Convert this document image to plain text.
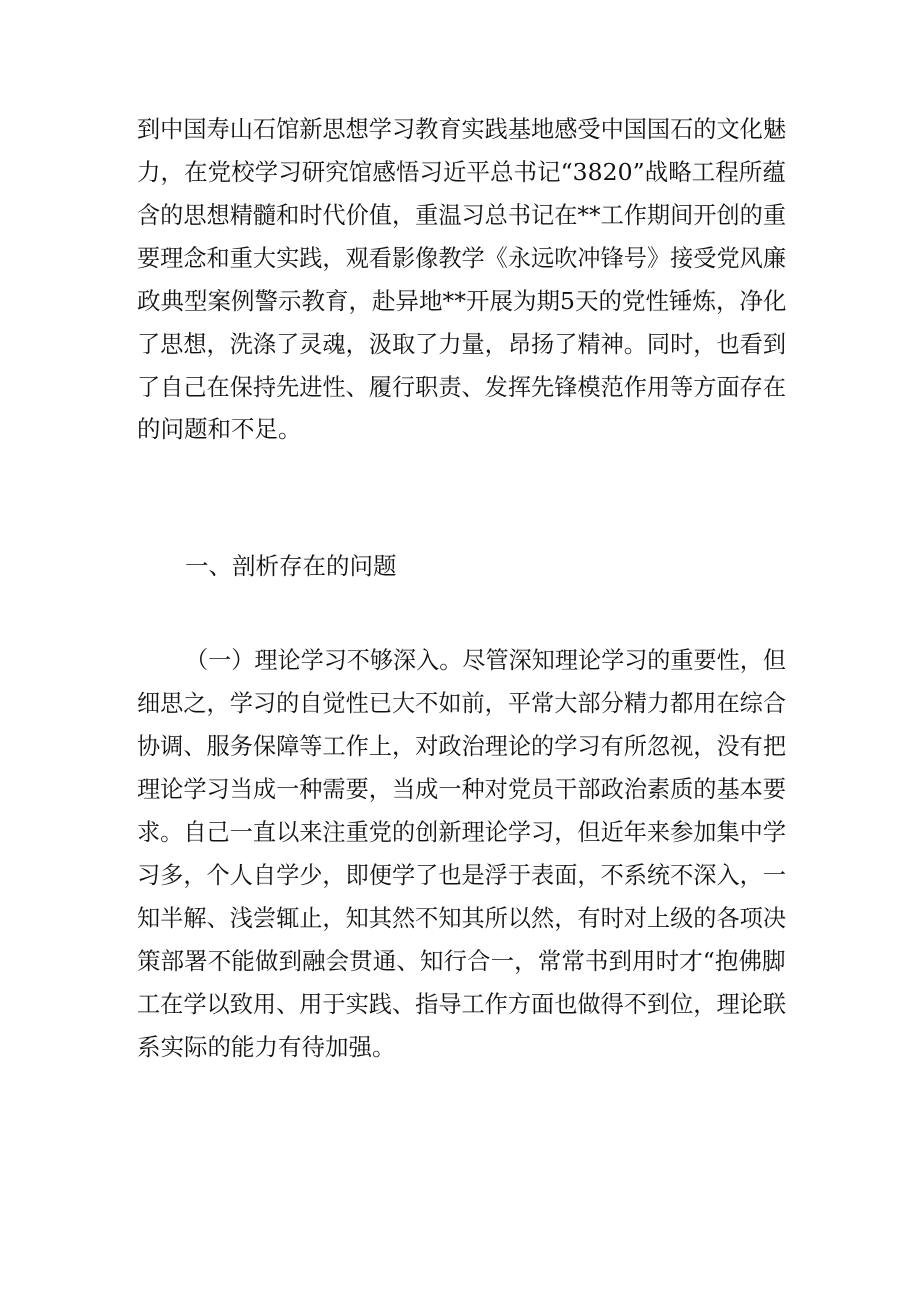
到中国寿山石馆新思想学习教育实践基地感受中国国石的文化魅
力，在党校学习研究馆感悟习近平总书记“3820”战略工程所蕴
含的思想精髓和时代价值，重温习总书记在**工作期间开创的重
要理念和重大实践，观看影像教学《永远吹冲锋号》接受党风廉
政典型案例警示教育，赴异地**开展为期5天的党性锤炼，净化
了思想，洗涤了灵魂，汲取了力量，昂扬了精神。同时，也看到
了自己在保持先进性、履行职责、发挥先锋模范作用等方面存在
的问题和不足。
一、剖析存在的问题
（一）理论学习不够深入。尽管深知理论学习的重要性，但
细思之，学习的自觉性已大不如前，平常大部分精力都用在综合
协调、服务保障等工作上，对政治理论的学习有所忽视，没有把
理论学习当成一种需要，当成一种对党员干部政治素质的基本要
求。自己一直以来注重党的创新理论学习，但近年来参加集中学
习多，个人自学少，即便学了也是浮于表面，不系统不深入，一
知半解、浅尝辄止，知其然不知其所以然，有时对上级的各项决
策部署不能做到融会贯通、知行合一，常常书到用时才“抱佛脚
工在学以致用、用于实践、指导工作方面也做得不到位，理论联
系实际的能力有待加强。
